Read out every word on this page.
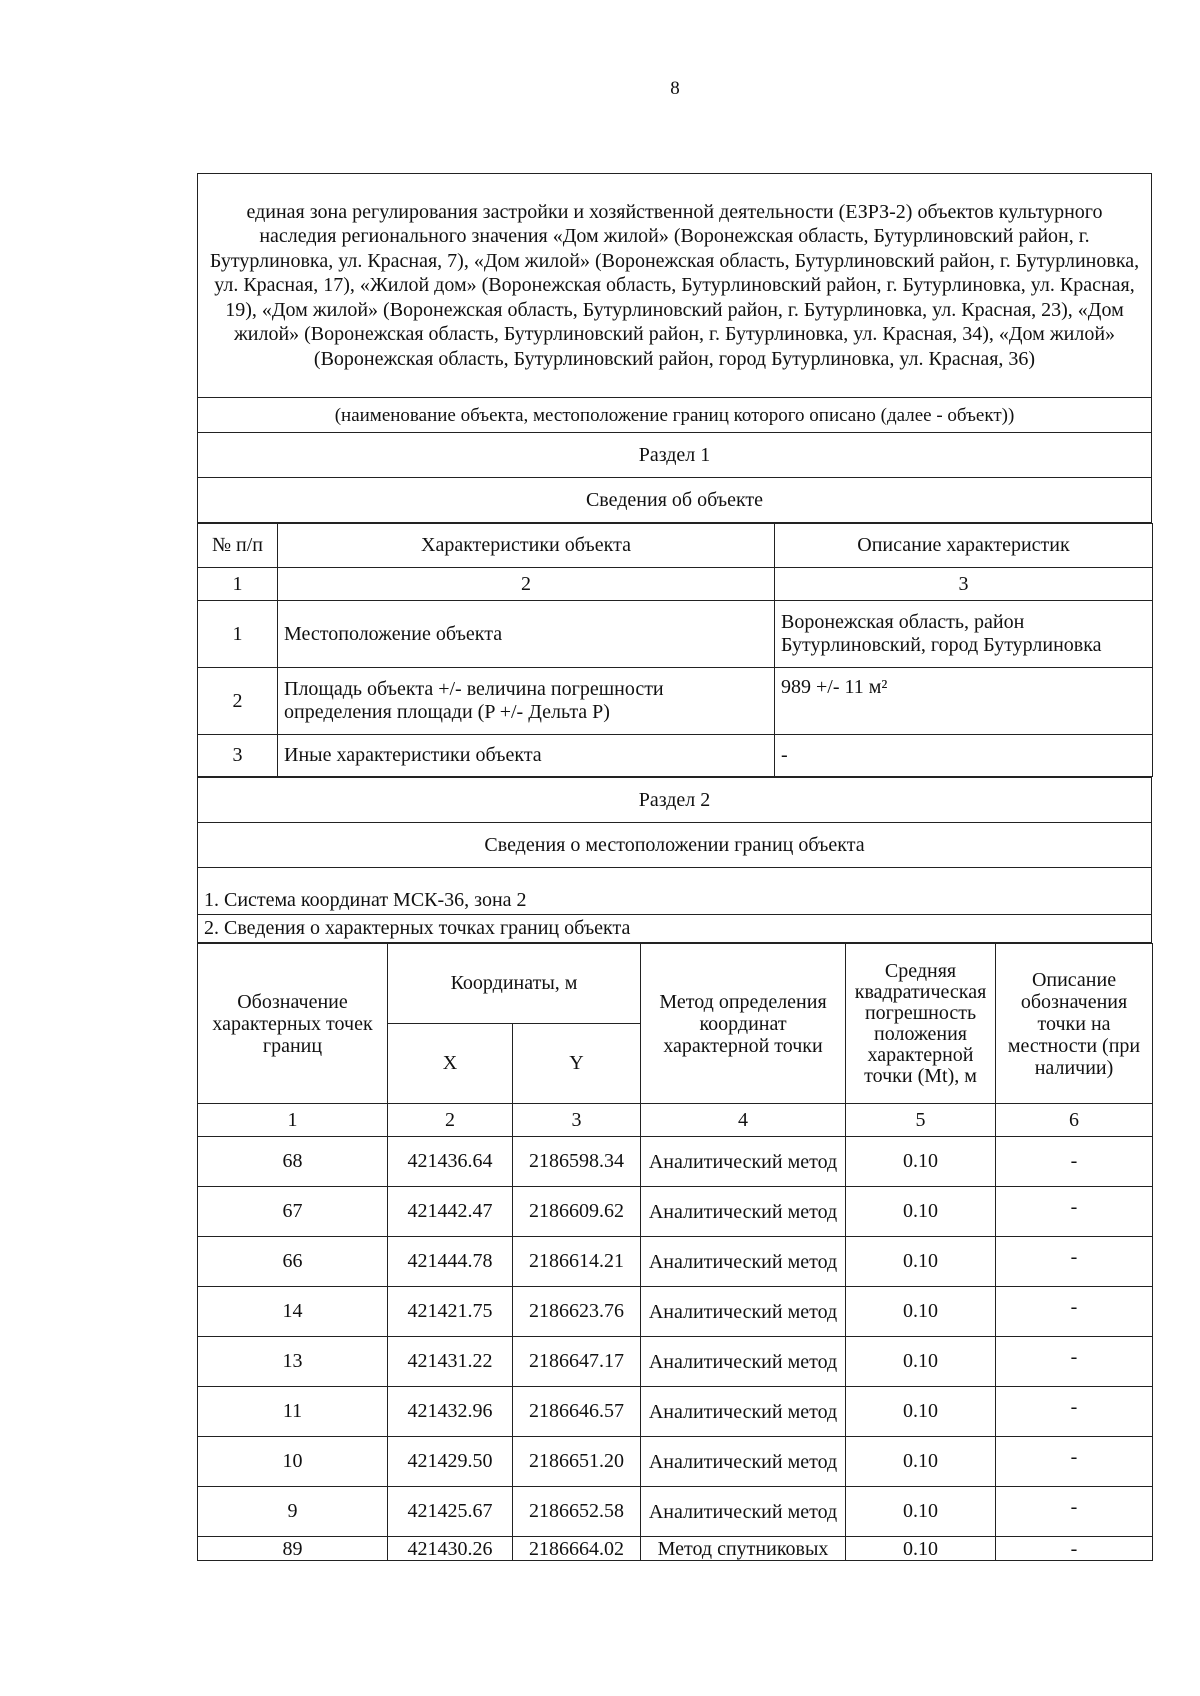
8
единая зона регулирования застройки и хозяйственной деятельности (ЕЗРЗ-2) объектов культурного наследия регионального значения «Дом жилой» (Воронежская область, Бутурлиновский район, г. Бутурлиновка, ул. Красная, 7), «Дом жилой» (Воронежская область, Бутурлиновский район, г. Бутурлиновка, ул. Красная, 17), «Жилой дом» (Воронежская область, Бутурлиновский район, г. Бутурлиновка, ул. Красная, 19), «Дом жилой» (Воронежская область, Бутурлиновский район, г. Бутурлиновка, ул. Красная, 23), «Дом жилой» (Воронежская область, Бутурлиновский район, г. Бутурлиновка, ул. Красная, 34), «Дом жилой» (Воронежская область, Бутурлиновский район, город Бутурлиновка, ул. Красная, 36)
(наименование объекта, местоположение границ которого описано (далее - объект))
Раздел 1
Сведения об объекте
№ п/п	Характеристики объекта	Описание характеристик
1	2	3
1	Местоположение объекта	Воронежская область, район Бутурлиновский, город Бутурлиновка
2	Площадь объекта +/- величина погрешности определения площади (P +/- Дельта P)	989 +/- 11 м²
3	Иные характеристики объекта	-
Раздел 2
Сведения о местоположении границ объекта
1. Система координат МСК-36, зона 2
2. Сведения о характерных точках границ объекта
Обозначение характерных точек границ	Координаты, м		Метод определения координат характерной точки	Средняя квадратическая погрешность положения характерной точки (Mt), м	Описание обозначения точки на местности (при наличии)
	X	Y			
1	2	3	4	5	6
68	421436.64	2186598.34	Аналитический метод	0.10	-
67	421442.47	2186609.62	Аналитический метод	0.10	-
66	421444.78	2186614.21	Аналитический метод	0.10	-
14	421421.75	2186623.76	Аналитический метод	0.10	-
13	421431.22	2186647.17	Аналитический метод	0.10	-
11	421432.96	2186646.57	Аналитический метод	0.10	-
10	421429.50	2186651.20	Аналитический метод	0.10	-
9	421425.67	2186652.58	Аналитический метод	0.10	-
89	421430.26	2186664.02	Метод спутниковых	0.10	-
